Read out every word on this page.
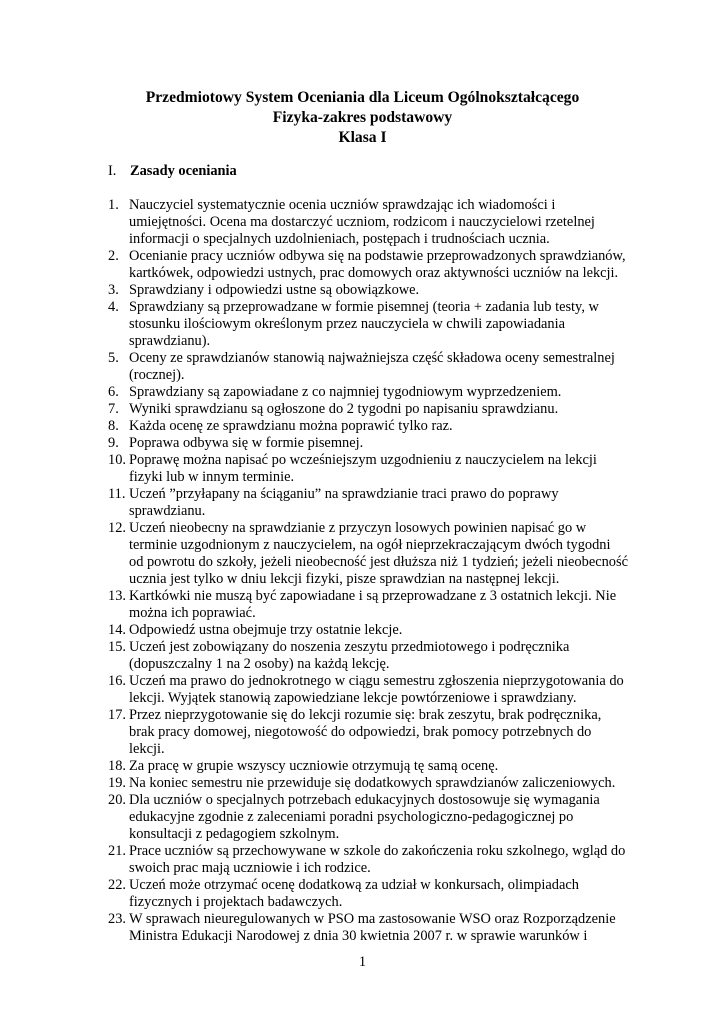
Przedmiotowy System Oceniania dla Liceum Ogólnokształcącego
Fizyka-zakres podstawowy
Klasa I
I. Zasady oceniania
1. Nauczyciel systematycznie ocenia uczniów sprawdzając ich wiadomości i umiejętności. Ocena ma dostarczyć uczniom, rodzicom i nauczycielowi rzetelnej informacji o specjalnych uzdolnieniach, postępach i trudnościach ucznia.
2. Ocenianie pracy uczniów odbywa się na podstawie przeprowadzonych sprawdzianów, kartkówek, odpowiedzi ustnych, prac domowych oraz aktywności uczniów na lekcji.
3. Sprawdziany i odpowiedzi ustne są obowiązkowe.
4. Sprawdziany są przeprowadzane w formie pisemnej (teoria + zadania lub testy, w stosunku ilościowym określonym przez nauczyciela w chwili zapowiadania sprawdzianu).
5. Oceny ze sprawdzianów stanowią najważniejsza część składowa oceny semestralnej (rocznej).
6. Sprawdziany są zapowiadane z co najmniej tygodniowym wyprzedzeniem.
7. Wyniki sprawdzianu są ogłoszone do 2 tygodni po napisaniu sprawdzianu.
8. Każda ocenę ze sprawdzianu można poprawić tylko raz.
9. Poprawa odbywa się w formie pisemnej.
10. Poprawę można napisać po wcześniejszym uzgodnieniu z nauczycielem na lekcji fizyki lub w innym terminie.
11. Uczeń ”przyłapany na ściąganiu” na sprawdzianie traci prawo do poprawy sprawdzianu.
12. Uczeń nieobecny na sprawdzianie z przyczyn losowych powinien napisać go w terminie uzgodnionym z nauczycielem, na ogół nieprzekraczającym dwóch tygodni od powrotu do szkoły, jeżeli nieobecność jest dłuższa niż 1 tydzień; jeżeli nieobecność ucznia jest tylko w dniu lekcji fizyki, pisze sprawdzian na następnej lekcji.
13. Kartkówki nie muszą być zapowiadane i są przeprowadzane z 3 ostatnich lekcji. Nie można ich poprawiać.
14. Odpowiedź ustna obejmuje trzy ostatnie lekcje.
15. Uczeń jest zobowiązany do noszenia zeszytu przedmiotowego i podręcznika (dopuszczalny 1 na 2 osoby) na każdą lekcję.
16. Uczeń ma prawo do jednokrotnego w ciągu semestru zgłoszenia nieprzygotowania do lekcji. Wyjątek stanowią zapowiedziane lekcje powtórzeniowe i sprawdziany.
17. Przez nieprzygotowanie się do lekcji rozumie się: brak zeszytu, brak podręcznika, brak pracy domowej, niegotowość do odpowiedzi, brak pomocy potrzebnych do lekcji.
18. Za pracę w grupie wszyscy uczniowie otrzymują tę samą ocenę.
19. Na koniec semestru nie przewiduje się dodatkowych sprawdzianów zaliczeniowych.
20. Dla uczniów o specjalnych potrzebach edukacyjnych dostosowuje się wymagania edukacyjne zgodnie z zaleceniami poradni psychologiczno-pedagogicznej po konsultacji z pedagogiem szkolnym.
21. Prace uczniów są przechowywane w szkole do zakończenia roku szkolnego, wgląd do swoich prac mają uczniowie i ich rodzice.
22. Uczeń może otrzymać ocenę dodatkową za udział w konkursach, olimpiadach fizycznych i projektach badawczych.
23. W sprawach nieuregulowanych w PSO ma zastosowanie WSO oraz Rozporządzenie Ministra Edukacji Narodowej z dnia 30 kwietnia 2007 r. w sprawie warunków i
1
